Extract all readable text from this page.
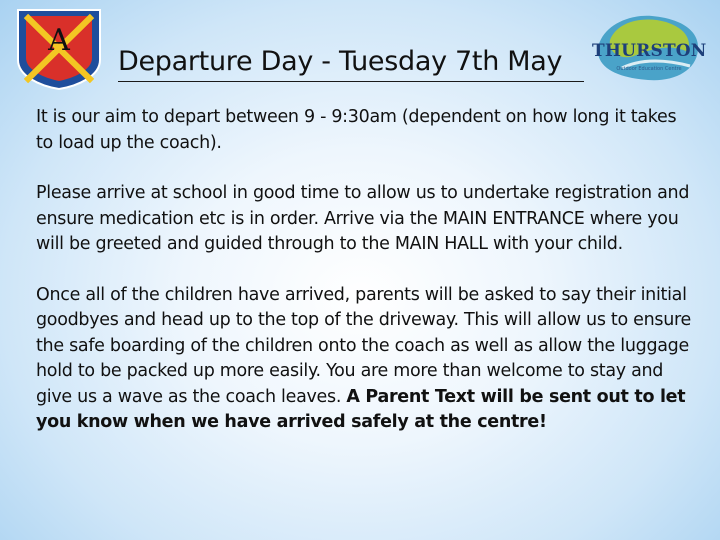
A
Departure Day - Tuesday 7th May	THURSTON
Outdoor Education Centre

It is our aim to depart between 9 - 9:30am (dependent on how long it takes to load up the coach).

Please arrive at school in good time to allow us to undertake registration and ensure medication etc is in order. Arrive via the MAIN ENTRANCE where you will be greeted and guided through to the MAIN HALL with your child.

Once all of the children have arrived, parents will be asked to say their initial goodbyes and head up to the top of the driveway. This will allow us to ensure the safe boarding of the children onto the coach as well as allow the luggage hold to be packed up more easily. You are more than welcome to stay and give us a wave as the coach leaves. A Parent Text will be sent out to let you know when we have arrived safely at the centre!
